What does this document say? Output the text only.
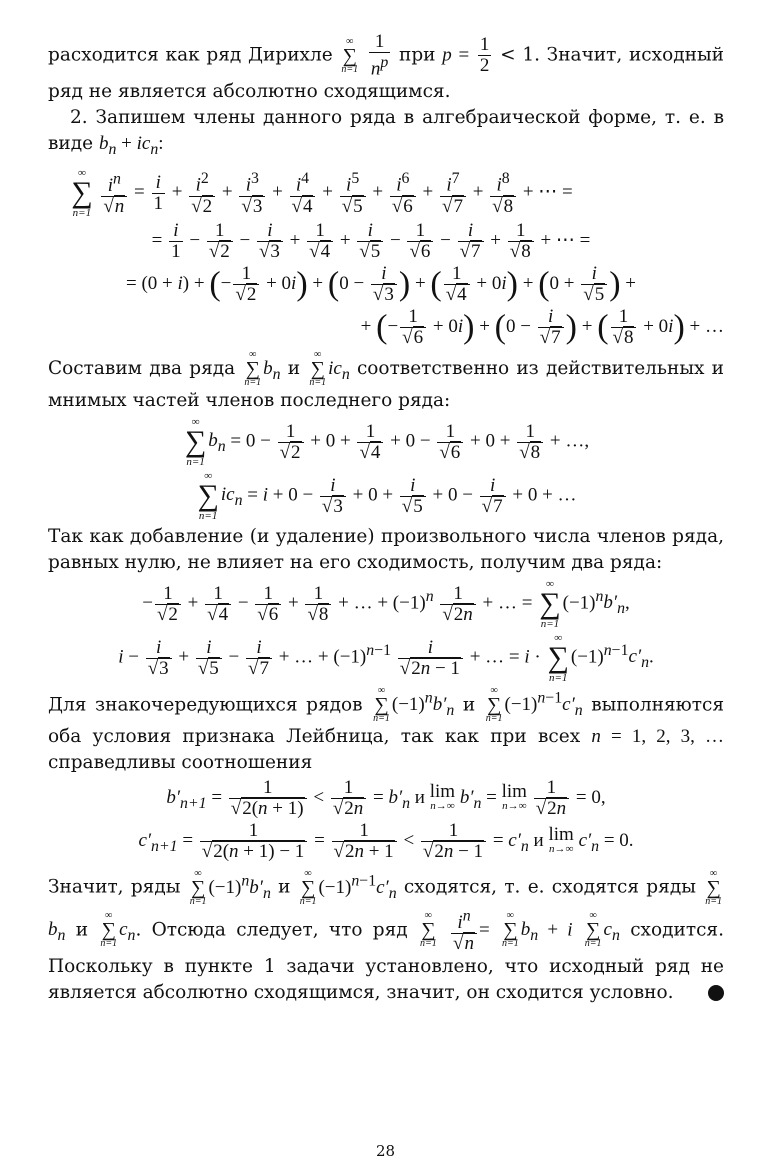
расходится как ряд Дирихле
∞
∑
n=1
$\frac{1}{n^p}$ при $p = \frac{1}{2} < 1$. Значит, исходный ряд не является абсолютно сходящимся.

2. Запишем члены данного ряда в алгебраической форме, т. е. в виде $b_n + ic_n$:

∞
∑
n=1
$\frac{i^n}{√n} = \frac{i}{1} + \frac{i^2}{√2} + \frac{i^3}{√3} + \frac{i^4}{√4} + \frac{i^5}{√5} + \frac{i^6}{√6} + \frac{i^7}{√7} + \frac{i^8}{√8}$ + ⋯ =
= $\frac{i}{1} - \frac{1}{√2} - \frac{i}{√3} + \frac{1}{√4} + \frac{i}{√5} - \frac{1}{√6} - \frac{i}{√7} + \frac{1}{√8}$ + ⋯ =
= (0 + i) + (− $\frac{1}{√2} + 0i) + (0 - \frac{i}{√3}$ ) + ( $\frac{1}{√4} + 0i) + (0 + \frac{i}{√5}$ ) +
+ (− $\frac{1}{√6} + 0i) + (0 - \frac{i}{√7}$ ) + ( $\frac{1}{√8} + 0i$) + …

Составим два ряда
∞
∑
n=1
$b_n$ и
∞
∑
n=1
$ic_n$ соответственно из действительных и мнимых частей членов последнего ряда:

∞
∑
n=1
$b_n = 0 - \frac{1}{√2} + 0 + \frac{1}{√4} + 0 - \frac{1}{√6} + 0 + \frac{1}{√8}$ + …,
∞
∑
n=1
$ic_n = i + 0 - \frac{i}{√3} + 0 + \frac{i}{√5} + 0 - \frac{i}{√7} + 0$ + …

Так как добавление (и удаление) произвольного числа членов ряда, равных нулю, не влияет на его сходимость, получим два ряда:

− $\frac{1}{√2} + \frac{1}{√4} - \frac{1}{√6} + \frac{1}{√8}$ + … + $(-1)^n \frac{1}{√2n}$ + … =
∞
∑
n=1
$(-1)^nb'_n$,
$i - \frac{i}{√3} + \frac{i}{√5} - \frac{i}{√7}$ + … + $(-1)^{n-1} \frac{i}{√2n - 1}$ + … = i ·
∞
∑
n=1
$(-1)^{n-1}c'_n$.

Для знакочередующихся рядов
∞
∑
n=1
$(-1)^nb'_n$ и
∞
∑
n=1
$(-1)^{n-1}c'_n$ выполняются оба условия признака Лейбница, так как при всех n = 1, 2, 3, … справедливы соотношения

$b'_{n+1} = \frac{1}{√2(n + 1)} < \frac{1}{√2n} = b'_n$ и lim
n→∞ $b'_n = \lim$
n→∞
$\frac{1}{√2n} = 0$,
$c'_{n+1} = \frac{1}{√2(n + 1) - 1} = \frac{1}{√2n + 1} < \frac{1}{√2n - 1} = c'_n$ и lim
n→∞ $c'_n = 0$.

Значит, ряды
∞
∑
n=1
$(-1)^nb'_n$ и
∞
∑
n=1
$(-1)^{n-1}c'_n$ сходятся, т. е. сходятся ряды
∞
∑
n=1
$b_n$ и
∞
∑
n=1
$c_n$. Отсюда следует, что ряд
∞
∑
n=1
$\frac{i^n}{√n}$ =
∞
∑
n=1
$b_n + i$
∞
∑
n=1
$c_n$ сходится. Поскольку в пункте 1 задачи установлено, что исходный ряд не является абсолютно сходящимся, значит, он сходится условно.

28
